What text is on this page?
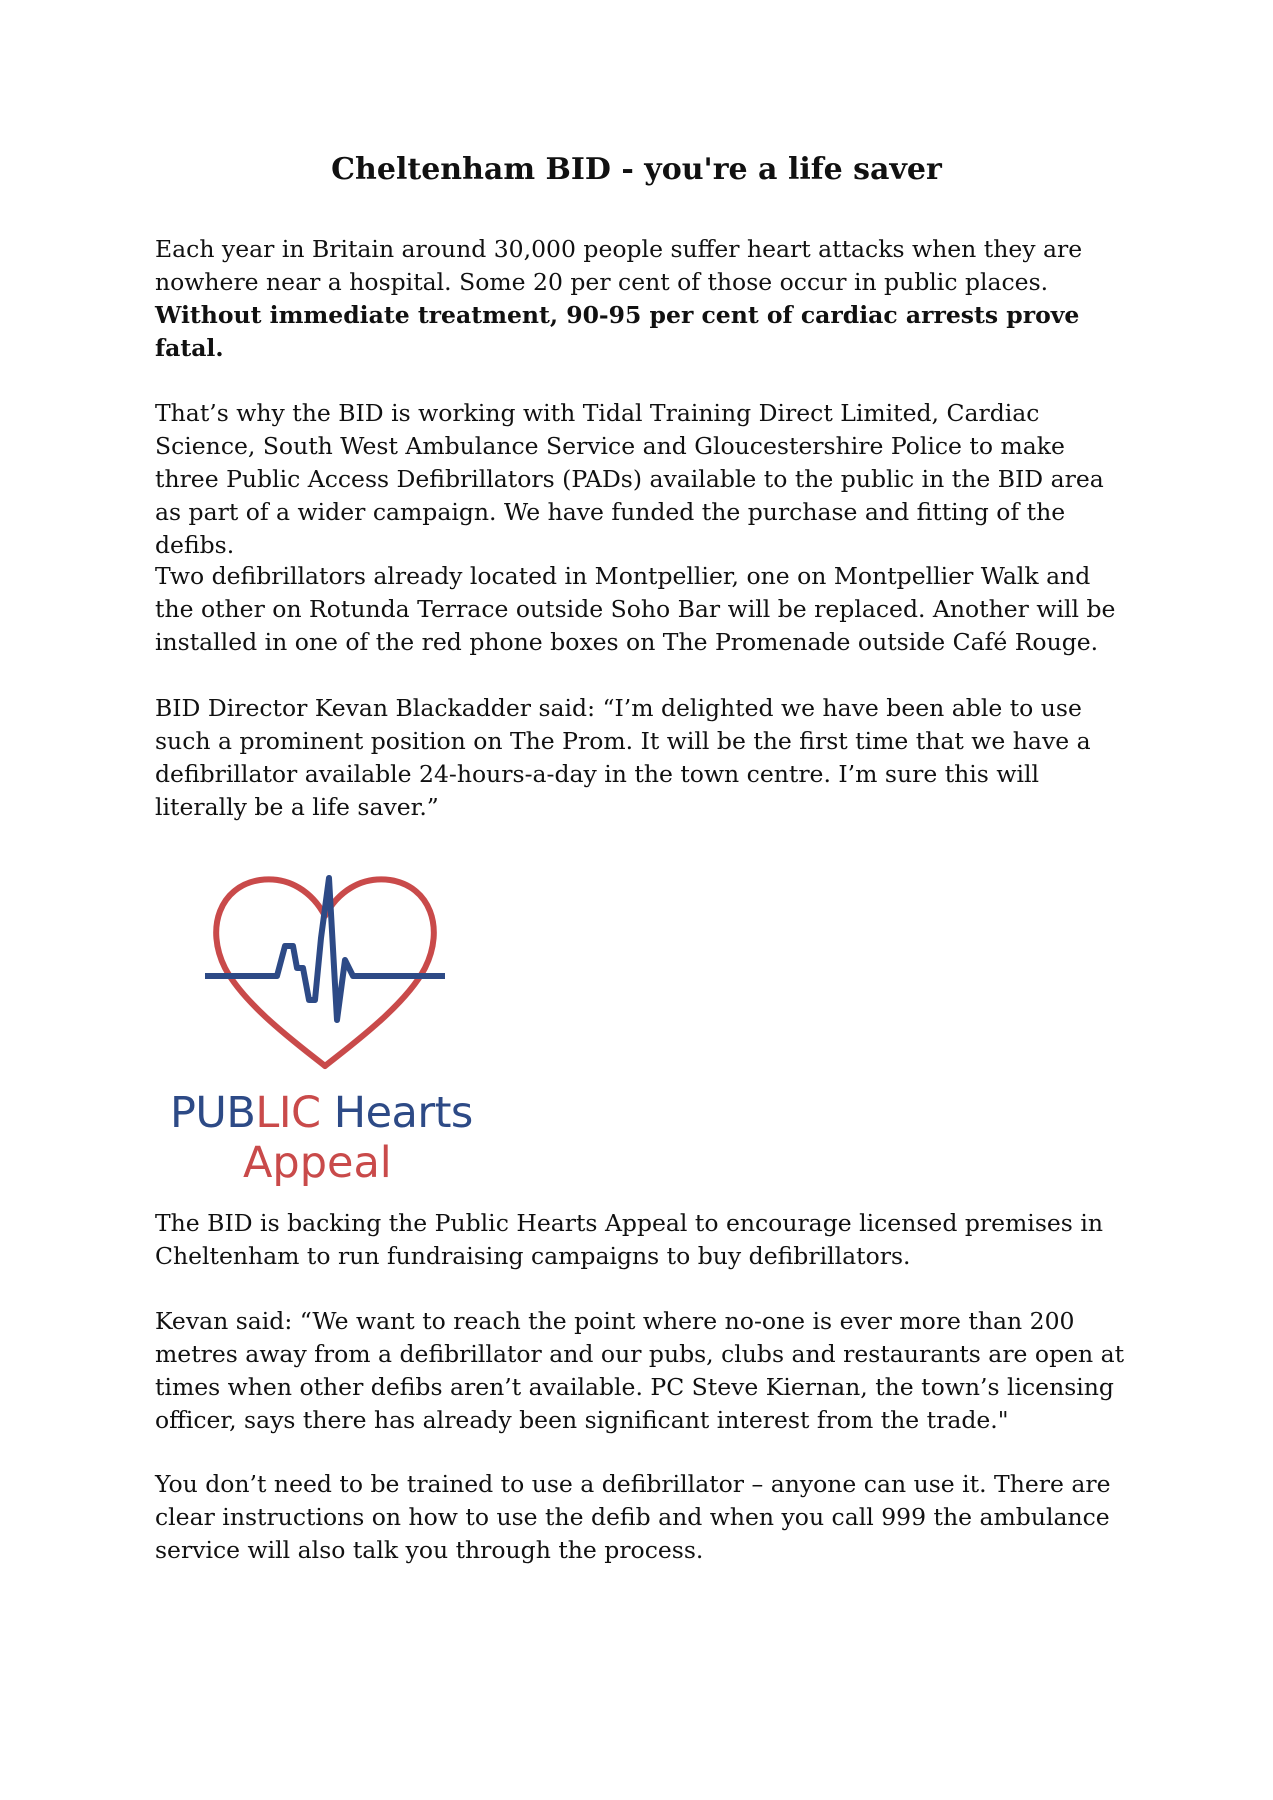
Cheltenham BID - you're a life saver

Each year in Britain around 30,000 people suffer heart attacks when they are nowhere near a hospital. Some 20 per cent of those occur in public places. Without immediate treatment, 90-95 per cent of cardiac arrests prove fatal.

That’s why the BID is working with Tidal Training Direct Limited, Cardiac Science, South West Ambulance Service and Gloucestershire Police to make three Public Access Defibrillators (PADs) available to the public in the BID area as part of a wider campaign. We have funded the purchase and fitting of the defibs.

Two defibrillators already located in Montpellier, one on Montpellier Walk and the other on Rotunda Terrace outside Soho Bar will be replaced. Another will be installed in one of the red phone boxes on The Promenade outside Café Rouge.

BID Director Kevan Blackadder said: “I’m delighted we have been able to use such a prominent position on The Prom. It will be the first time that we have a defibrillator available 24-hours-a-day in the town centre. I’m sure this will literally be a life saver.”

PUBLIC Hearts
Appeal

The BID is backing the Public Hearts Appeal to encourage licensed premises in Cheltenham to run fundraising campaigns to buy defibrillators.

Kevan said: “We want to reach the point where no-one is ever more than 200 metres away from a defibrillator and our pubs, clubs and restaurants are open at times when other defibs aren’t available. PC Steve Kiernan, the town’s licensing officer, says there has already been significant interest from the trade."

You don’t need to be trained to use a defibrillator – anyone can use it. There are clear instructions on how to use the defib and when you call 999 the ambulance service will also talk you through the process.
